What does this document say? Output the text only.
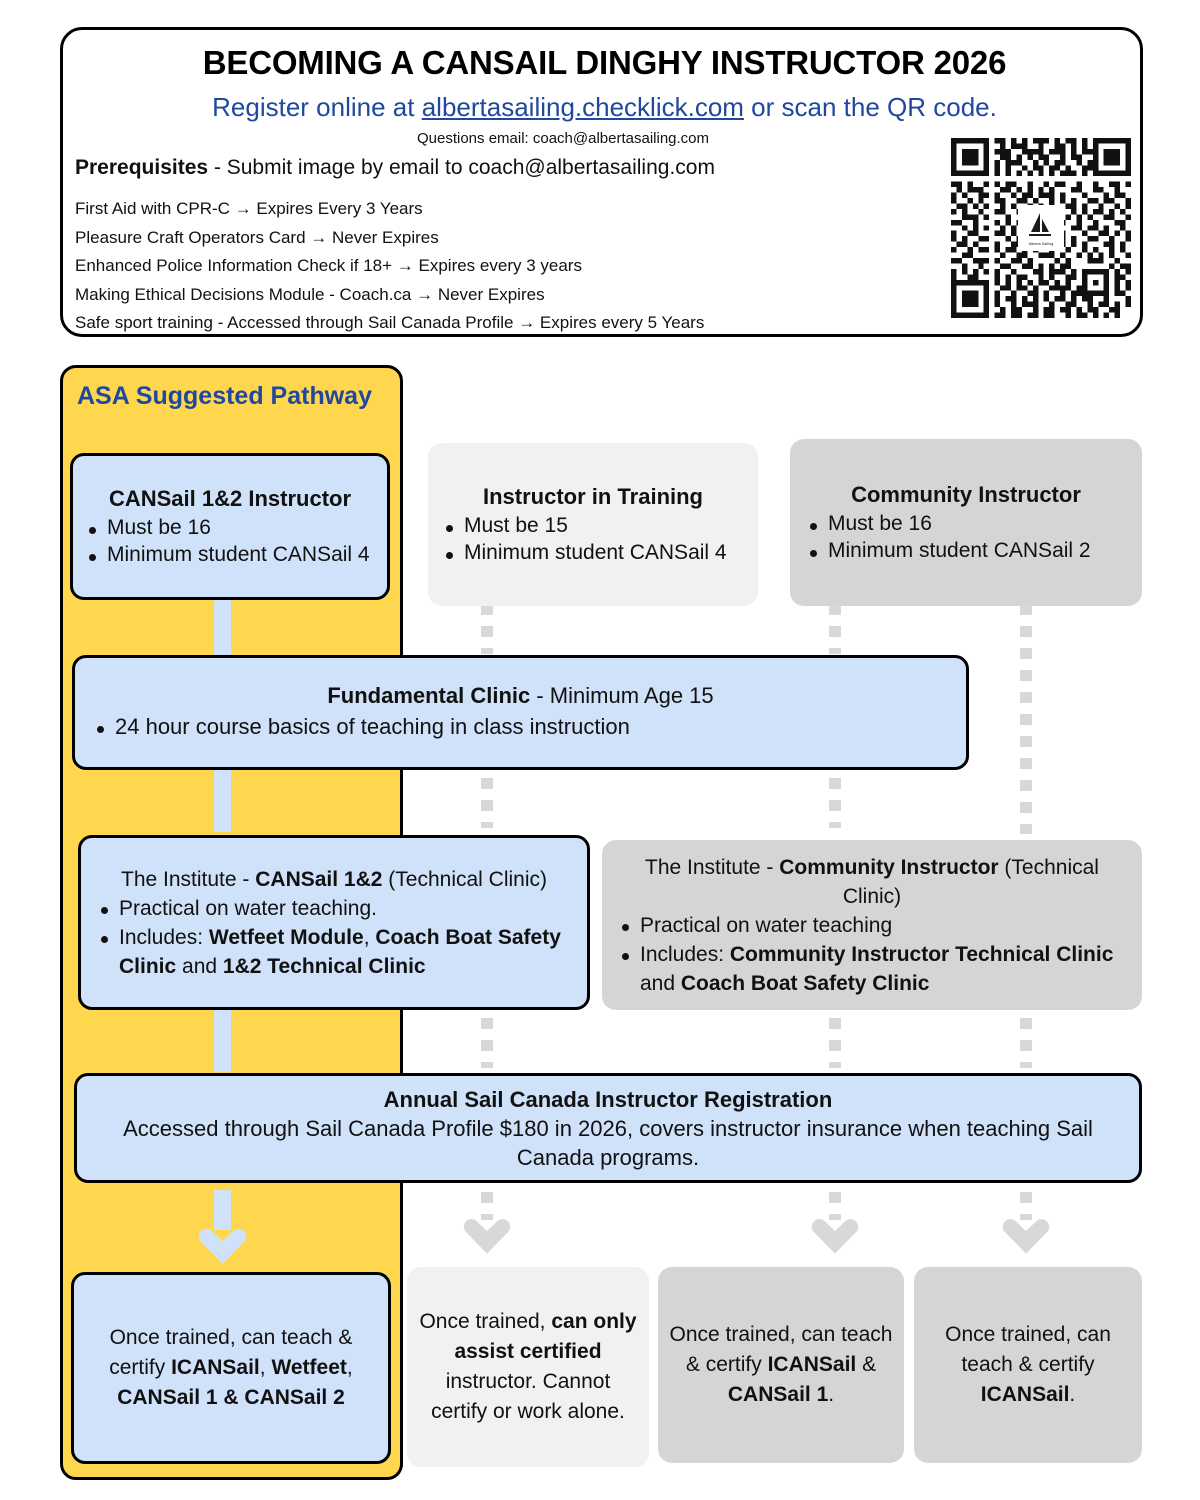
BECOMING A CANSAIL DINGHY INSTRUCTOR 2026
Register online at albertasailing.checklick.com or scan the QR code.
Questions email: coach@albertasailing.com
Prerequisites - Submit image by email to coach@albertasailing.com
First Aid with CPR-C → Expires Every 3 Years
Pleasure Craft Operators Card → Never Expires
Enhanced Police Information Check if 18+ → Expires every 3 years
Making Ethical Decisions Module - Coach.ca → Never Expires
Safe sport training - Accessed through Sail Canada Profile → Expires every 5 Years
Alberta Sailing
ASA Suggested Pathway
CANSail 1&2 Instructor
Must be 16
Minimum student CANSail 4
Instructor in Training
Must be 15
Minimum student CANSail 4
Community Instructor
Must be 16
Minimum student CANSail 2
Fundamental Clinic - Minimum Age 15
24 hour course basics of teaching in class instruction

The Institute - CANSail 1&2 (Technical Clinic)

Practical on water teaching.
Includes: Wetfeet Module, Coach Boat Safety Clinic and 1&2 Technical Clinic

The Institute - Community Instructor (Technical Clinic)

Practical on water teaching
Includes: Community Instructor Technical Clinic and Coach Boat Safety Clinic

Annual Sail Canada Instructor Registration

Accessed through Sail Canada Profile $180 in 2026, covers instructor insurance when teaching Sail Canada programs.

Once trained, can teach & certify ICANSail, Wetfeet, CANSail 1 & CANSail 2

Once trained, can only assist certified instructor. Cannot certify or work alone.

Once trained, can teach & certify ICANSail & CANSail 1.

Once trained, can teach & certify ICANSail.
